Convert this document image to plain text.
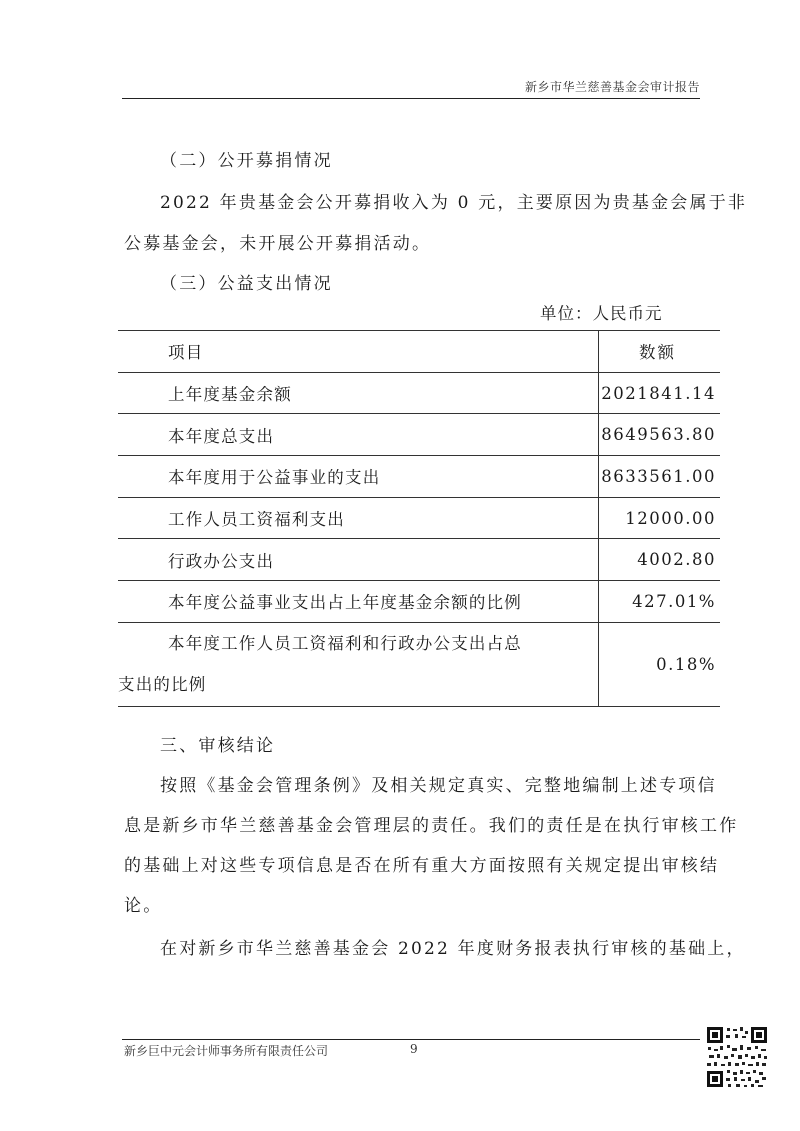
新乡市华兰慈善基金会审计报告
（二）公开募捐情况
2022 年贵基金会公开募捐收入为 0 元，主要原因为贵基金会属于非
公募基金会，未开展公开募捐活动。
（三）公益支出情况
单位：人民币元
项目	数额
上年度基金余额	2021841.14
本年度总支出	8649563.80
本年度用于公益事业的支出	8633561.00
工作人员工资福利支出	12000.00
行政办公支出	4002.80
本年度公益事业支出占上年度基金余额的比例	427.01%

本年度工作人员工资福利和行政办公支出占总
支出的比例	0.18%
三、审核结论
按照《基金会管理条例》及相关规定真实、完整地编制上述专项信
息是新乡市华兰慈善基金会管理层的责任。我们的责任是在执行审核工作
的基础上对这些专项信息是否在所有重大方面按照有关规定提出审核结
论。
在对新乡市华兰慈善基金会 2022 年度财务报表执行审核的基础上，
新乡巨中元会计师事务所有限责任公司	9
